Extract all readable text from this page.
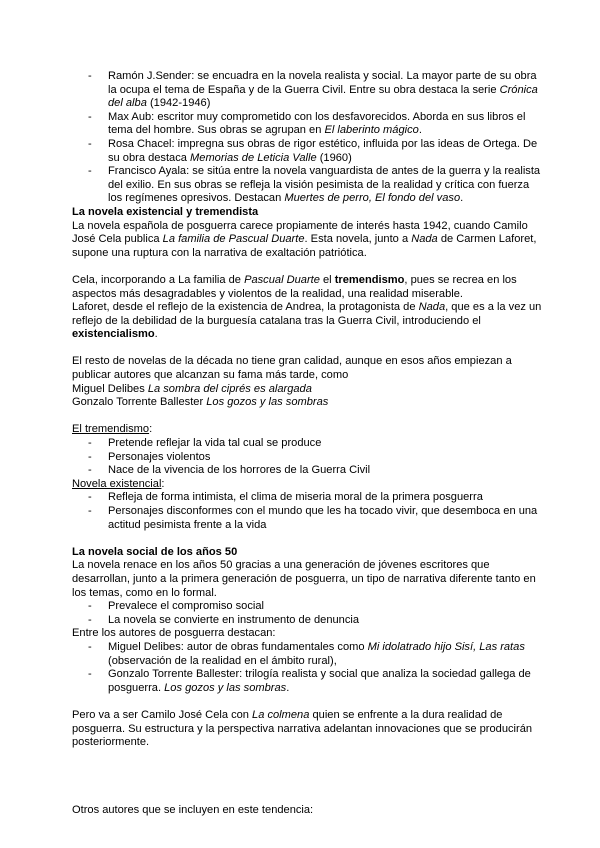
- Ramón J.Sender: se encuadra en la novela realista y social. La mayor parte de su obra la ocupa el tema de España y de la Guerra Civil. Entre su obra destaca la serie Crónica del alba (1942-1946)
- Max Aub: escritor muy comprometido con los desfavorecidos. Aborda en sus libros el tema del hombre. Sus obras se agrupan en El laberinto mágico.
- Rosa Chacel: impregna sus obras de rigor estético, influida por las ideas de Ortega. De su obra destaca Memorias de Leticia Valle (1960)
- Francisco Ayala: se sitúa entre la novela vanguardista de antes de la guerra y la realista del exilio. En sus obras se refleja la visión pesimista de la realidad y crítica con fuerza los regímenes opresivos. Destacan Muertes de perro, El fondo del vaso.

La novela existencial y tremendista

La novela española de posguerra carece propiamente de interés hasta 1942, cuando Camilo José Cela publica La familia de Pascual Duarte. Esta novela, junto a Nada de Carmen Laforet, supone una ruptura con la narrativa de exaltación patriótica.

Cela, incorporando a La familia de Pascual Duarte el tremendismo, pues se recrea en los aspectos más desagradables y violentos de la realidad, una realidad miserable.

Laforet, desde el reflejo de la existencia de Andrea, la protagonista de Nada, que es a la vez un reflejo de la debilidad de la burguesía catalana tras la Guerra Civil, introduciendo el existencialismo.

El resto de novelas de la década no tiene gran calidad, aunque en esos años empiezan a publicar autores que alcanzan su fama más tarde, como

Miguel Delibes La sombra del ciprés es alargada

Gonzalo Torrente Ballester Los gozos y las sombras

El tremendismo:

- Pretende reflejar la vida tal cual se produce
- Personajes violentos
- Nace de la vivencia de los horrores de la Guerra Civil

Novela existencial:

- Refleja de forma intimista, el clima de miseria moral de la primera posguerra
- Personajes disconformes con el mundo que les ha tocado vivir, que desemboca en una actitud pesimista frente a la vida

La novela social de los años 50

La novela renace en los años 50 gracias a una generación de jóvenes escritores que desarrollan, junto a la primera generación de posguerra, un tipo de narrativa diferente tanto en los temas, como en lo formal.

- Prevalece el compromiso social
- La novela se convierte en instrumento de denuncia

Entre los autores de posguerra destacan:

- Miguel Delibes: autor de obras fundamentales como Mi idolatrado hijo Sisí, Las ratas (observación de la realidad en el ámbito rural),
- Gonzalo Torrente Ballester: trilogía realista y social que analiza la sociedad gallega de posguerra. Los gozos y las sombras.

Pero va a ser Camilo José Cela con La colmena quien se enfrente a la dura realidad de posguerra. Su estructura y la perspectiva narrativa adelantan innovaciones que se producirán posteriormente.

Otros autores que se incluyen en este tendencia:
